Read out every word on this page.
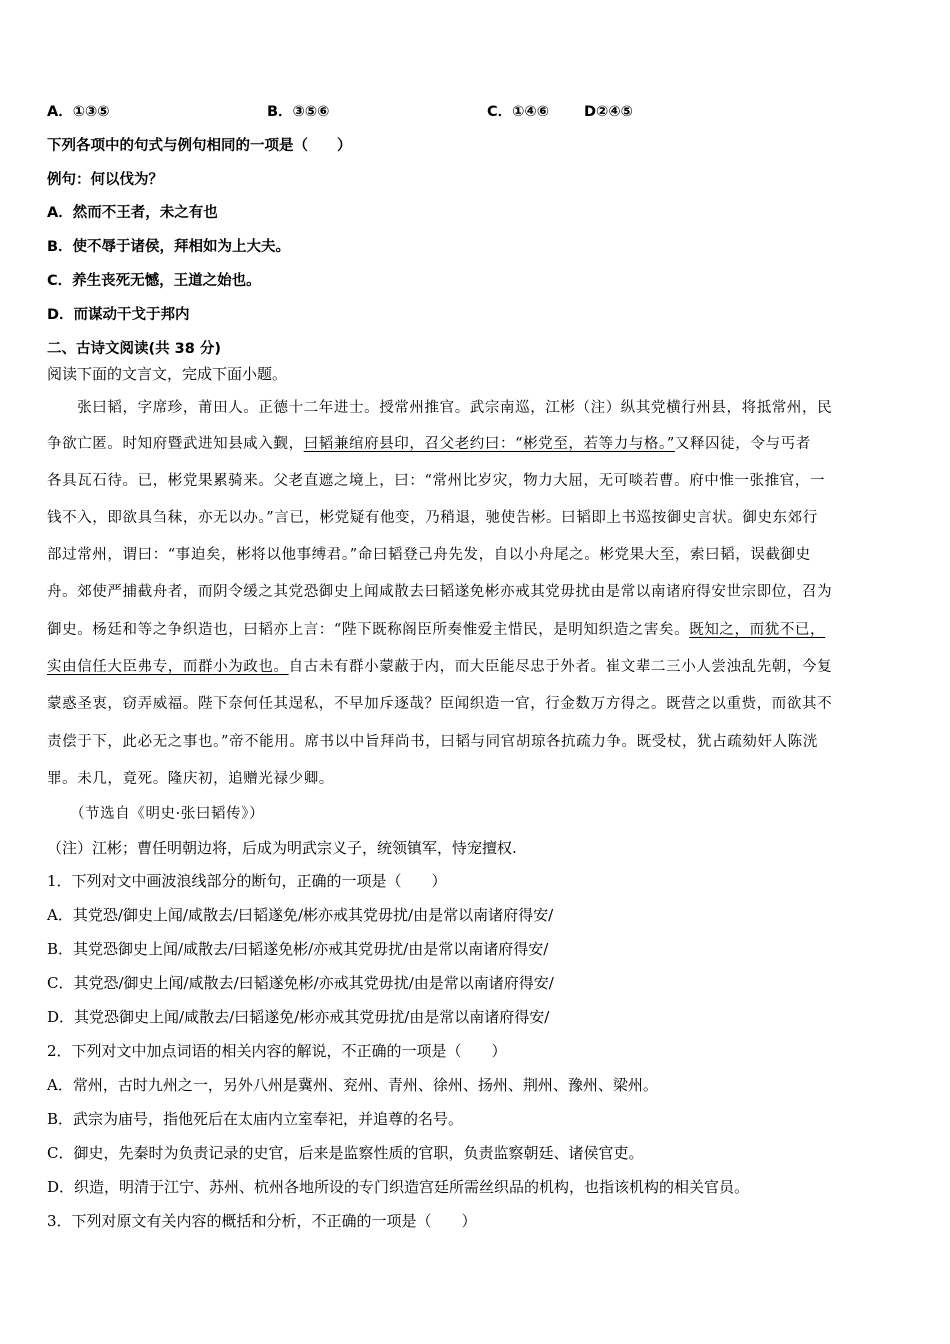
A．①③⑤	B．③⑤⑥	C．①④⑥ D②④⑤
下列各项中的句式与例句相同的一项是（　　）
例句：何以伐为？
A．然而不王者，未之有也
B．使不辱于诸侯，拜相如为上大夫。
C．养生丧死无憾，王道之始也。
D．而谋动干戈于邦内
二、古诗文阅读(共 38 分)
阅读下面的文言文，完成下面小题。
　　张曰韬，字席珍，莆田人。正德十二年进士。授常州推官。武宗南巡，江彬（注）纵其党横行州县，将抵常州，民
争欲亡匿。时知府暨武进知县咸入觐，曰韬兼绾府县印，召父老约曰：“彬党至，若等力与格。”又释囚徒，令与丐者
各具瓦石待。已，彬党果累骑来。父老直遮之境上，曰：“常州比岁灾，物力大屈，无可啖若曹。府中惟一张推官，一
钱不入，即欲具刍秣，亦无以办。”言已，彬党疑有他变，乃稍退，驰使告彬。曰韬即上书巡按御史言状。御史东郊行
部过常州，谓曰：“事迫矣，彬将以他事缚君。”命曰韬登己舟先发，自以小舟尾之。彬党果大至，索曰韬，误截御史
舟。郊使严捕截舟者，而阴令缓之其党恐御史上闻咸散去曰韬遂免彬亦戒其党毋扰由是常以南诸府得安世宗即位，召为
御史。杨廷和等之争织造也，曰韬亦上言：“陛下既称阁臣所奏惟爱主惜民，是明知织造之害矣。既知之，而犹不已，
实由信任大臣弗专，而群小为政也。自古未有群小蒙蔽于内，而大臣能尽忠于外者。崔文辈二三小人尝浊乱先朝，今复
蒙惑圣衷，窃弄威福。陛下奈何任其逞私，不早加斥逐哉？臣闻织造一官，行金数万方得之。既营之以重赀，而欲其不
责偿于下，此必无之事也。”帝不能用。席书以中旨拜尚书，曰韬与同官胡琼各抗疏力争。既受杖，犹占疏劾奸人陈洸
罪。未几，竟死。隆庆初，追赠光禄少卿。
　　（节选自《明史·张曰韬传》）
（注）江彬；曹任明朝边将，后成为明武宗义子，统领镇军，恃宠擅权.
1．下列对文中画波浪线部分的断句，正确的一项是（　　）
A．其党恐/御史上闻/咸散去/曰韬遂免/彬亦戒其党毋扰/由是常以南诸府得安/
B．其党恐御史上闻/咸散去/曰韬遂免彬/亦戒其党毋扰/由是常以南诸府得安/
C．其党恐/御史上闻/咸散去/曰韬遂免彬/亦戒其党毋扰/由是常以南诸府得安/
D．其党恐御史上闻/咸散去/曰韬遂免/彬亦戒其党毋扰/由是常以南诸府得安/
2．下列对文中加点词语的相关内容的解说，不正确的一项是（　　）
A．常州，古时九州之一，另外八州是冀州、兖州、青州、徐州、扬州、荆州、豫州、梁州。
B．武宗为庙号，指他死后在太庙内立室奉祀，并追尊的名号。
C．御史，先秦时为负责记录的史官，后来是监察性质的官职，负责监察朝廷、诸侯官吏。
D．织造，明清于江宁、苏州、杭州各地所设的专门织造宫廷所需丝织品的机构，也指该机构的相关官员。
3．下列对原文有关内容的概括和分析，不正确的一项是（　　）
